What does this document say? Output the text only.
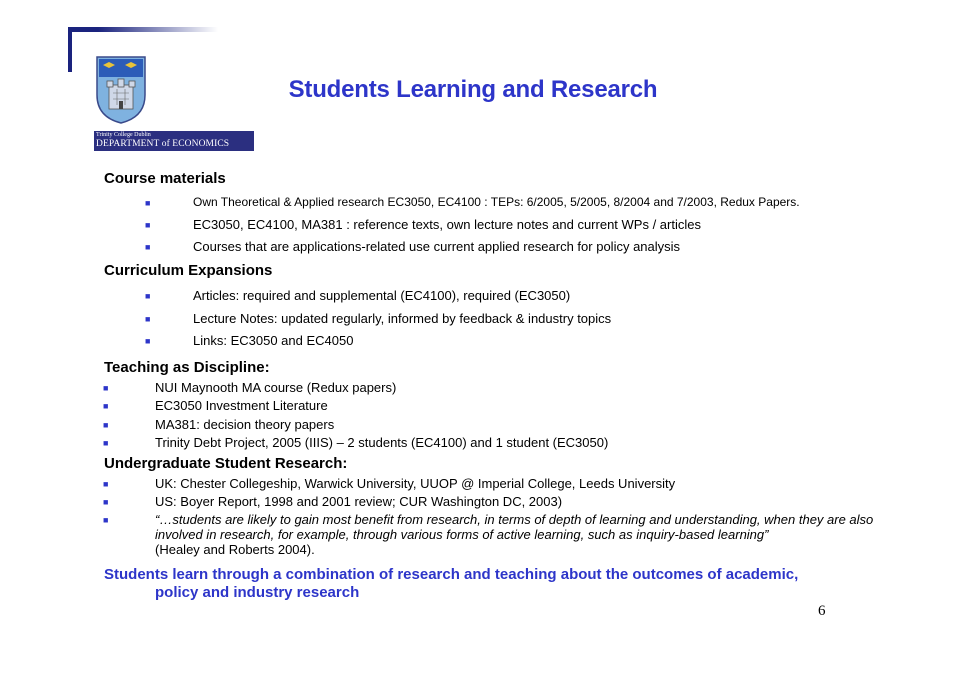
Trinity College Dublin
DEPARTMENT of ECONOMICS
Students Learning and Research
Course materials
■	Own Theoretical & Applied research EC3050, EC4100 : TEPs: 6/2005, 5/2005, 8/2004 and 7/2003, Redux Papers.
■	EC3050, EC4100, MA381 : reference texts, own lecture notes and current WPs / articles
■	Courses that are applications-related use current applied research for policy analysis
Curriculum Expansions
■	Articles: required and supplemental (EC4100), required (EC3050)
■	Lecture Notes: updated regularly, informed by feedback & industry topics
■	Links: EC3050 and EC4050
Teaching as Discipline:
■	NUI Maynooth MA course (Redux papers)
■	EC3050 Investment Literature
■	MA381: decision theory papers
■	Trinity Debt Project, 2005 (IIIS) – 2 students (EC4100) and 1 student (EC3050)
Undergraduate Student Research:
■	UK: Chester Collegeship, Warwick University, UUOP @ Imperial College, Leeds University
■	US: Boyer Report, 1998 and 2001 review; CUR Washington DC, 2003)
■	“…students are likely to gain most benefit from research, in terms of depth of learning and understanding, when they are also involved in research, for example, through various forms of active learning, such as inquiry-based learning”
(Healey and Roberts 2004).
Students learn through a combination of research and teaching about the outcomes of academic,
policy and industry research
6
